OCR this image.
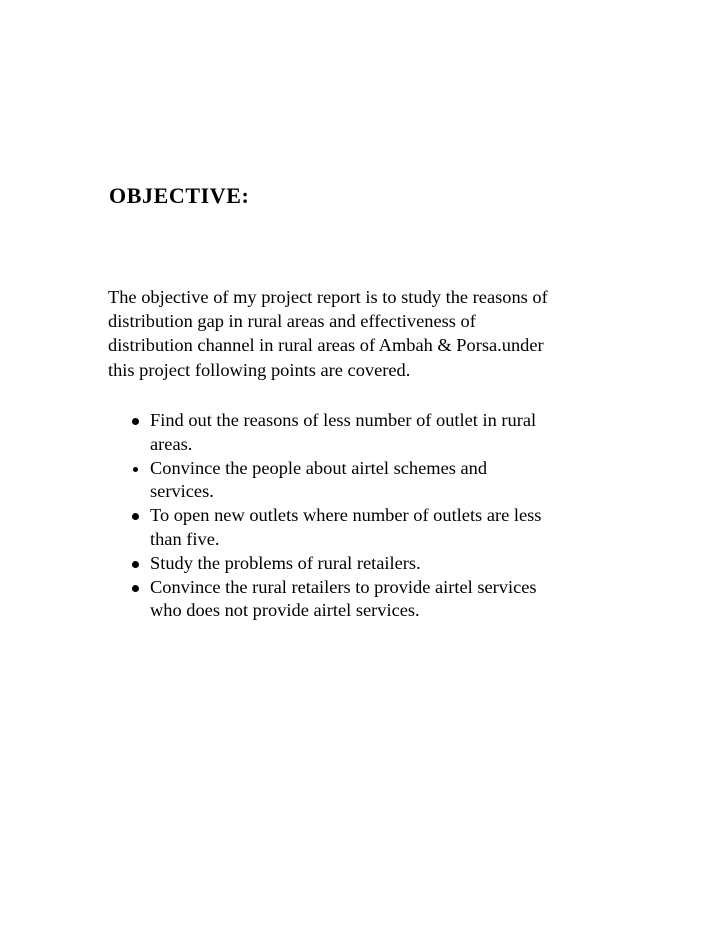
OBJECTIVE:

The objective of my project report is to study the reasons of
distribution gap in rural areas and effectiveness of
distribution channel in rural areas of Ambah & Porsa.under
this project following points are covered.

Find out the reasons of less number of outlet in rural
areas.
Convince the people about airtel schemes and
services.
To open new outlets where number of outlets are less
than five.
Study the problems of rural retailers.
Convince the rural retailers to provide airtel services
who does not provide airtel services.
